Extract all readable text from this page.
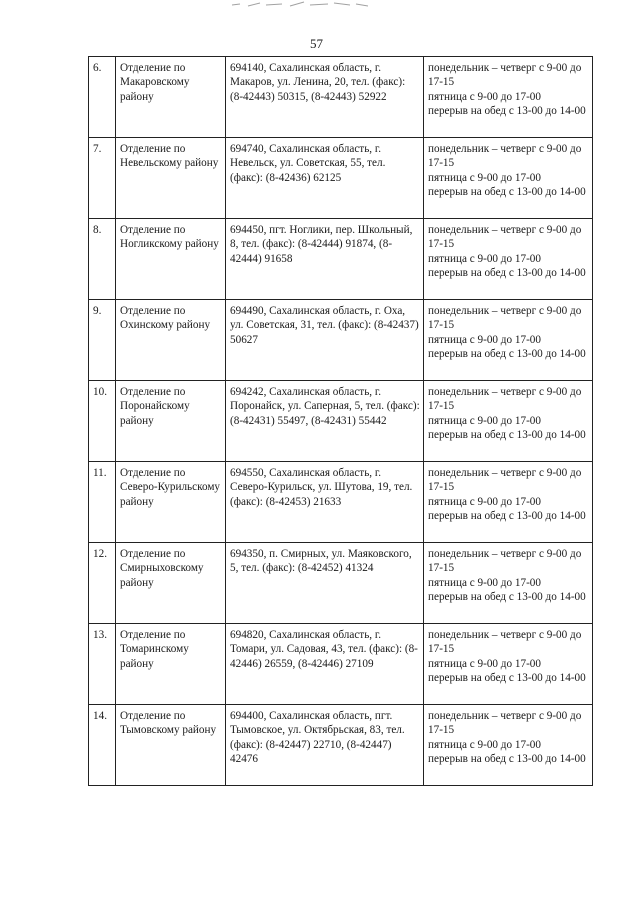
57
6.	Отделение по Макаровскому району	694140, Сахалинская область, г. Макаров, ул. Ленина, 20, тел. (факс): (8-42443) 50315, (8-42443) 52922	понедельник – четверг с 9-00 до 17-15
пятница с 9-00 до 17-00
перерыв на обед с 13-00 до 14-00

7.	Отделение по Невельскому району	694740, Сахалинская область, г. Невельск, ул. Советская, 55, тел. (факс): (8-42436) 62125	понедельник – четверг с 9-00 до 17-15
пятница с 9-00 до 17-00
перерыв на обед с 13-00 до 14-00

8.	Отделение по Ногликскому району	694450, пгт. Ноглики, пер. Школьный, 8, тел. (факс): (8-42444) 91874, (8-42444) 91658	понедельник – четверг с 9-00 до 17-15
пятница с 9-00 до 17-00
перерыв на обед с 13-00 до 14-00

9.	Отделение по Охинскому району	694490, Сахалинская область, г. Оха, ул. Советская, 31, тел. (факс): (8-42437) 50627	понедельник – четверг с 9-00 до 17-15
пятница с 9-00 до 17-00
перерыв на обед с 13-00 до 14-00

10.	Отделение по Поронайскому району	694242, Сахалинская область, г. Поронайск, ул. Саперная, 5, тел. (факс): (8-42431) 55497, (8-42431) 55442	понедельник – четверг с 9-00 до 17-15
пятница с 9-00 до 17-00
перерыв на обед с 13-00 до 14-00

11.	Отделение по Северо-Курильскому району	694550, Сахалинская область, г. Северо-Курильск, ул. Шутова, 19, тел. (факс): (8-42453) 21633	понедельник – четверг с 9-00 до 17-15
пятница с 9-00 до 17-00
перерыв на обед с 13-00 до 14-00

12.	Отделение по Смирныховскому району	694350, п. Смирных, ул. Маяковского, 5, тел. (факс): (8-42452) 41324	понедельник – четверг с 9-00 до 17-15
пятница с 9-00 до 17-00
перерыв на обед с 13-00 до 14-00

13.	Отделение по Томаринскому району	694820, Сахалинская область, г. Томари, ул. Садовая, 43, тел. (факс): (8-42446) 26559, (8-42446) 27109	понедельник – четверг с 9-00 до 17-15
пятница с 9-00 до 17-00
перерыв на обед с 13-00 до 14-00

14.	Отделение по Тымовскому району	694400, Сахалинская область, пгт. Тымовское, ул. Октябрьская, 83, тел. (факс): (8-42447) 22710, (8-42447) 42476	понедельник – четверг с 9-00 до 17-15
пятница с 9-00 до 17-00
перерыв на обед с 13-00 до 14-00
